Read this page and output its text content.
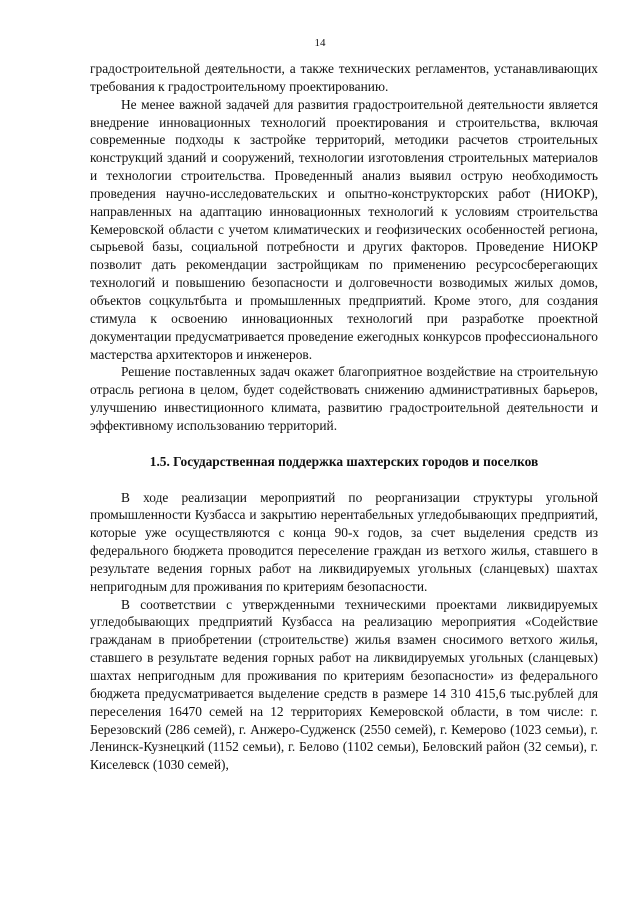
14

градостроительной деятельности, а также технических регламентов, устанавливающих требования к градостроительному проектированию.

Не менее важной задачей для развития градостроительной деятельности является внедрение инновационных технологий проектирования и строительства, включая современные подходы к застройке территорий, методики расчетов строительных конструкций зданий и сооружений, технологии изготовления строительных материалов и технологии строительства. Проведенный анализ выявил острую необходимость проведения научно-исследовательских и опытно-конструкторских работ (НИОКР), направленных на адаптацию инновационных технологий к условиям строительства Кемеровской области с учетом климатических и геофизических особенностей региона, сырьевой базы, социальной потребности и других факторов. Проведение НИОКР позволит дать рекомендации застройщикам по применению ресурсосберегающих технологий и повышению безопасности и долговечности возводимых жилых домов, объектов соцкультбыта и промышленных предприятий. Кроме этого, для создания стимула к освоению инновационных технологий при разработке проектной документации предусматривается проведение ежегодных конкурсов профессионального мастерства архитекторов и инженеров.

Решение поставленных задач окажет благоприятное воздействие на строительную отрасль региона в целом, будет содействовать снижению административных барьеров, улучшению инвестиционного климата, развитию градостроительной деятельности и эффективному использованию территорий.

1.5. Государственная поддержка шахтерских городов и поселков

В ходе реализации мероприятий по реорганизации структуры угольной промышленности Кузбасса и закрытию нерентабельных угледобывающих предприятий, которые уже осуществляются с конца 90-х годов, за счет выделения средств из федерального бюджета проводится переселение граждан из ветхого жилья, ставшего в результате ведения горных работ на ликвидируемых угольных (сланцевых) шахтах непригодным для проживания по критериям безопасности.

В соответствии с утвержденными техническими проектами ликвидируемых угледобывающих предприятий Кузбасса на реализацию мероприятия «Содействие гражданам в приобретении (строительстве) жилья взамен сносимого ветхого жилья, ставшего в результате ведения горных работ на ликвидируемых угольных (сланцевых) шахтах непригодным для проживания по критериям безопасности» из федерального бюджета предусматривается выделение средств в размере 14 310 415,6 тыс.рублей для переселения 16470 семей на 12 территориях Кемеровской области, в том числе: г. Березовский (286 семей), г. Анжеро-Судженск (2550 семей), г. Кемерово (1023 семьи), г. Ленинск-Кузнецкий (1152 семьи), г. Белово (1102 семьи), Беловский район (32 семьи), г. Киселевск (1030 семей),
